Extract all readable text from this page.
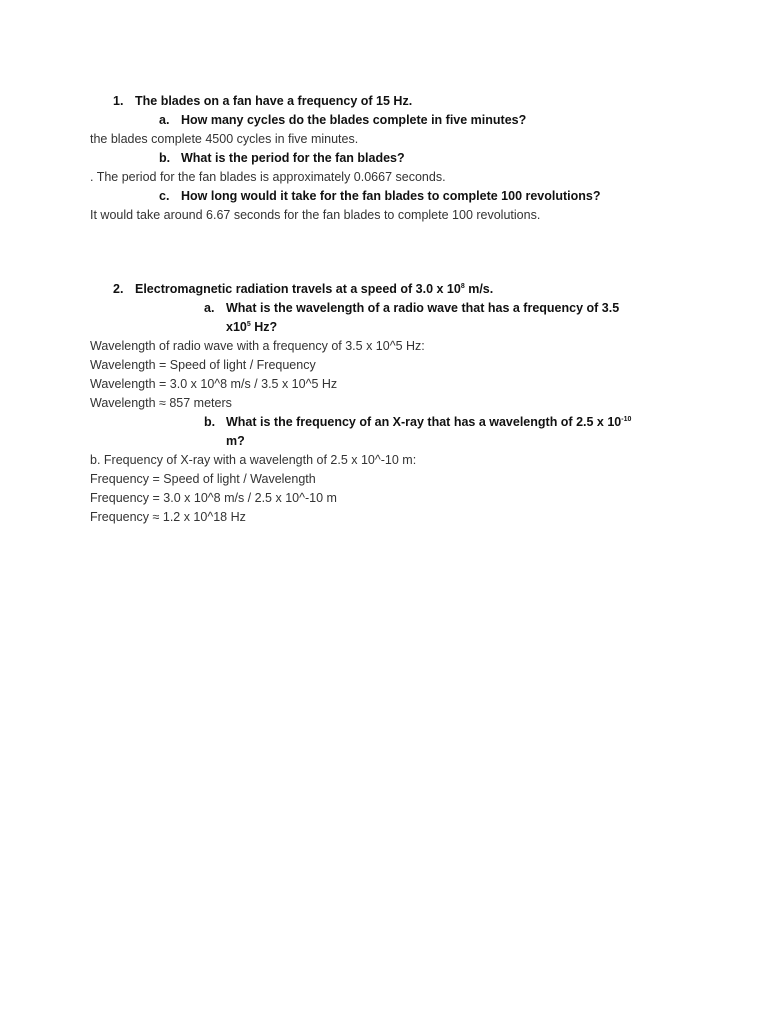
1. The blades on a fan have a frequency of 15 Hz.
a. How many cycles do the blades complete in five minutes?
the blades complete 4500 cycles in five minutes.
b. What is the period for the fan blades?
. The period for the fan blades is approximately 0.0667 seconds.
c. How long would it take for the fan blades to complete 100 revolutions?
It would take around 6.67 seconds for the fan blades to complete 100 revolutions.
2. Electromagnetic radiation travels at a speed of 3.0 x $10^8$ m/s.
a. What is the wavelength of a radio wave that has a frequency of 3.5
$x10^5$ Hz?
Wavelength of radio wave with a frequency of 3.5 x 10^5 Hz:
Wavelength = Speed of light / Frequency
Wavelength = 3.0 x 10^8 m/s / 3.5 x 10^5 Hz
Wavelength ≈ 857 meters
b. What is the frequency of an X-ray that has a wavelength of 2.5 x $10^{-10}$
m?
b. Frequency of X-ray with a wavelength of 2.5 x 10^-10 m:
Frequency = Speed of light / Wavelength
Frequency = 3.0 x 10^8 m/s / 2.5 x 10^-10 m
Frequency ≈ 1.2 x 10^18 Hz
